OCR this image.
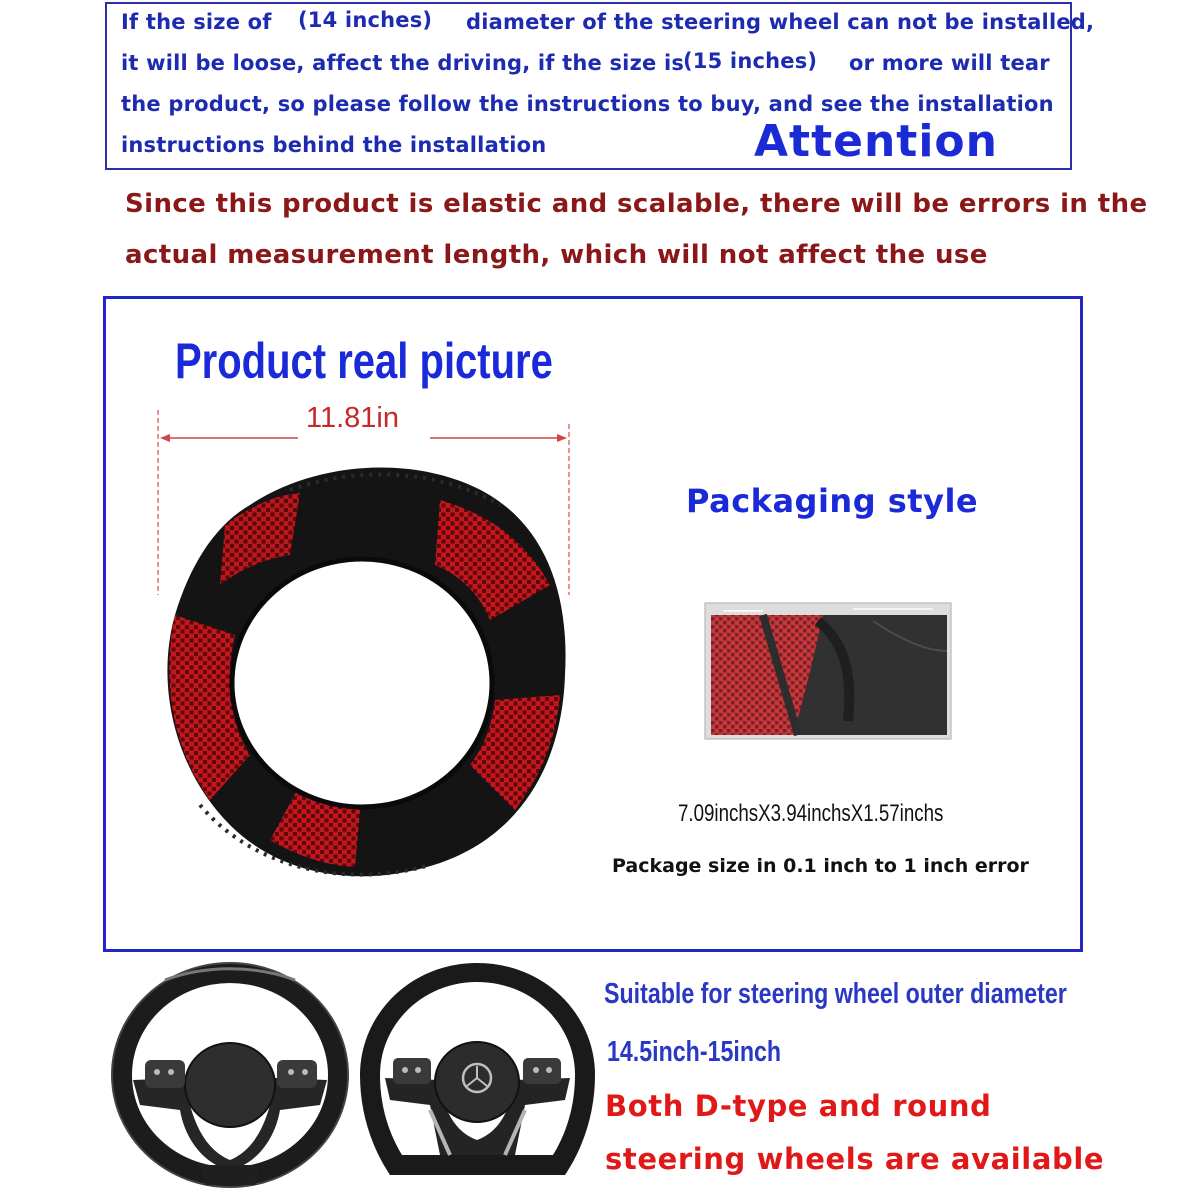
If the size of (14 inches) diameter of the steering wheel can not be installed,
it will be loose, affect the driving, if the size is
(15 inches) or more will tear
the product, so please follow the instructions to buy, and see the installation
instructions behind the installation	Attention
Since this product is elastic and scalable, there will be errors in the
actual measurement length, which will not affect the use
Product real picture
11.81in
Packaging style
7.09inchsX3.94inchsX1.57inchs
Package size in 0.1 inch to 1 inch error
Suitable for steering wheel outer diameter
14.5inch-15inch
Both D-type and round
steering wheels are available
